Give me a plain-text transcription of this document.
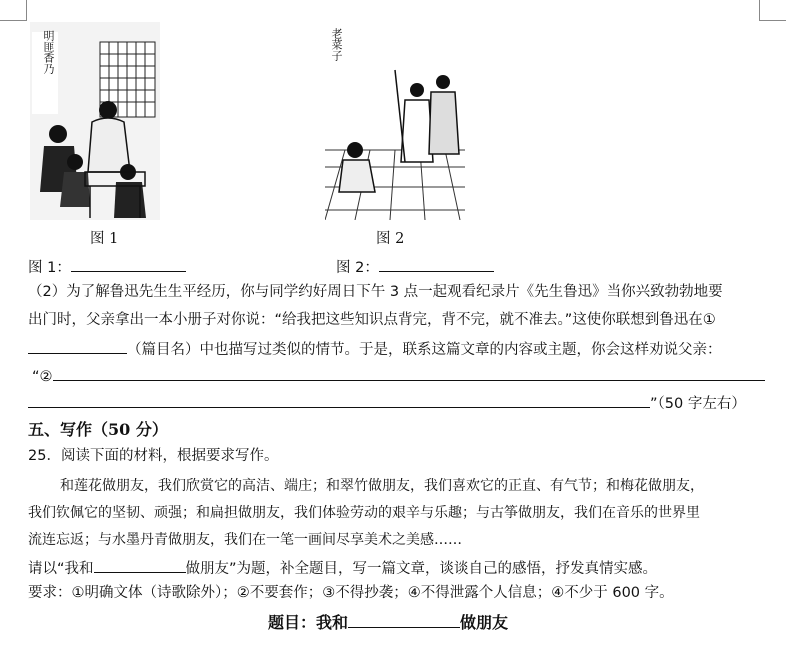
明匪香乃
图 1
老菜子
图 2
图 1：	图 2：
（2）为了解鲁迅先生生平经历，你与同学约好周日下午 3 点一起观看纪录片《先生鲁迅》当你兴致勃勃地要
出门时，父亲拿出一本小册子对你说：“给我把这些知识点背完，背不完，就不准去。”这使你联想到鲁迅在①
（篇目名）中也描写过类似的情节。于是，联系这篇文章的内容或主题，你会这样劝说父亲：
“②
”（50 字左右）
五、写作（50 分）
25．阅读下面的材料，根据要求写作。
和莲花做朋友，我们欣赏它的高洁、端庄；和翠竹做朋友，我们喜欢它的正直、有气节；和梅花做朋友，
我们钦佩它的坚韧、顽强；和扁担做朋友，我们体验劳动的艰辛与乐趣；与古筝做朋友，我们在音乐的世界里
流连忘返；与水墨丹青做朋友，我们在一笔一画间尽享美术之美感……
请以“我和	做朋友”为题，补全题目，写一篇文章，谈谈自己的感悟，抒发真情实感。
要求：①明确文体（诗歌除外）；②不要套作；③不得抄袭；④不得泄露个人信息；④不少于 600 字。
题目：我和	做朋友
